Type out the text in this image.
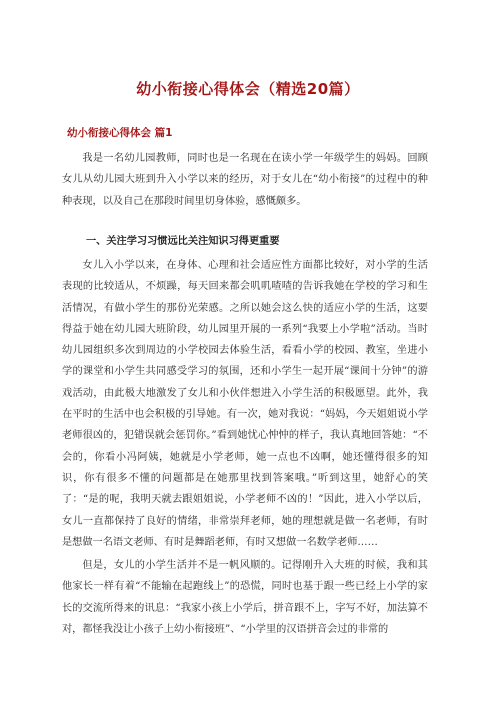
幼小衔接心得体会（精选20篇）
幼小衔接心得体会 篇1

我是一名幼儿园教师，同时也是一名现在在读小学一年级学生的妈妈。回顾女儿从幼儿园大班到升入小学以来的经历，对于女儿在“幼小衔接”的过程中的种种表现，以及自己在那段时间里切身体验，感慨颇多。

一、关注学习习惯远比关注知识习得更重要

女儿入小学以来，在身体、心理和社会适应性方面都比较好，对小学的生活表现的比较适从，不烦躁，每天回来都会叽叽喳喳的告诉我她在学校的学习和生活情况，有做小学生的那份光荣感。之所以她会这么快的适应小学的生活，这要得益于她在幼儿园大班阶段，幼儿园里开展的一系列“我要上小学啦”活动。当时幼儿园组织多次到周边的小学校园去体验生活，看看小学的校园、教室，坐进小学的课堂和小学生共同感受学习的氛围，还和小学生一起开展“课间十分钟”的游戏活动，由此极大地激发了女儿和小伙伴想进入小学生活的积极愿望。此外，我在平时的生活中也会积极的引导她。有一次，她对我说：“妈妈，今天姐姐说小学老师很凶的，犯错误就会惩罚你。”看到她忧心忡忡的样子，我认真地回答她：“不会的，你看小冯阿姨，她就是小学老师，她一点也不凶啊，她还懂得很多的知识，你有很多不懂的问题都是在她那里找到答案哦。”听到这里，她舒心的笑了：“是的呢，我明天就去跟姐姐说，小学老师不凶的！”因此，进入小学以后，女儿一直都保持了良好的情绪，非常崇拜老师，她的理想就是做一名老师，有时是想做一名语文老师、有时是舞蹈老师，有时又想做一名数学老师……

但是，女儿的小学生活并不是一帆风顺的。记得刚升入大班的时候，我和其他家长一样有着“不能输在起跑线上”的恐慌，同时也基于跟一些已经上小学的家长的交流所得来的讯息：“我家小孩上小学后，拼音跟不上，字写不好，加法算不对，都怪我没让小孩子上幼小衔接班”、“小学里的汉语拼音会过的非常的
